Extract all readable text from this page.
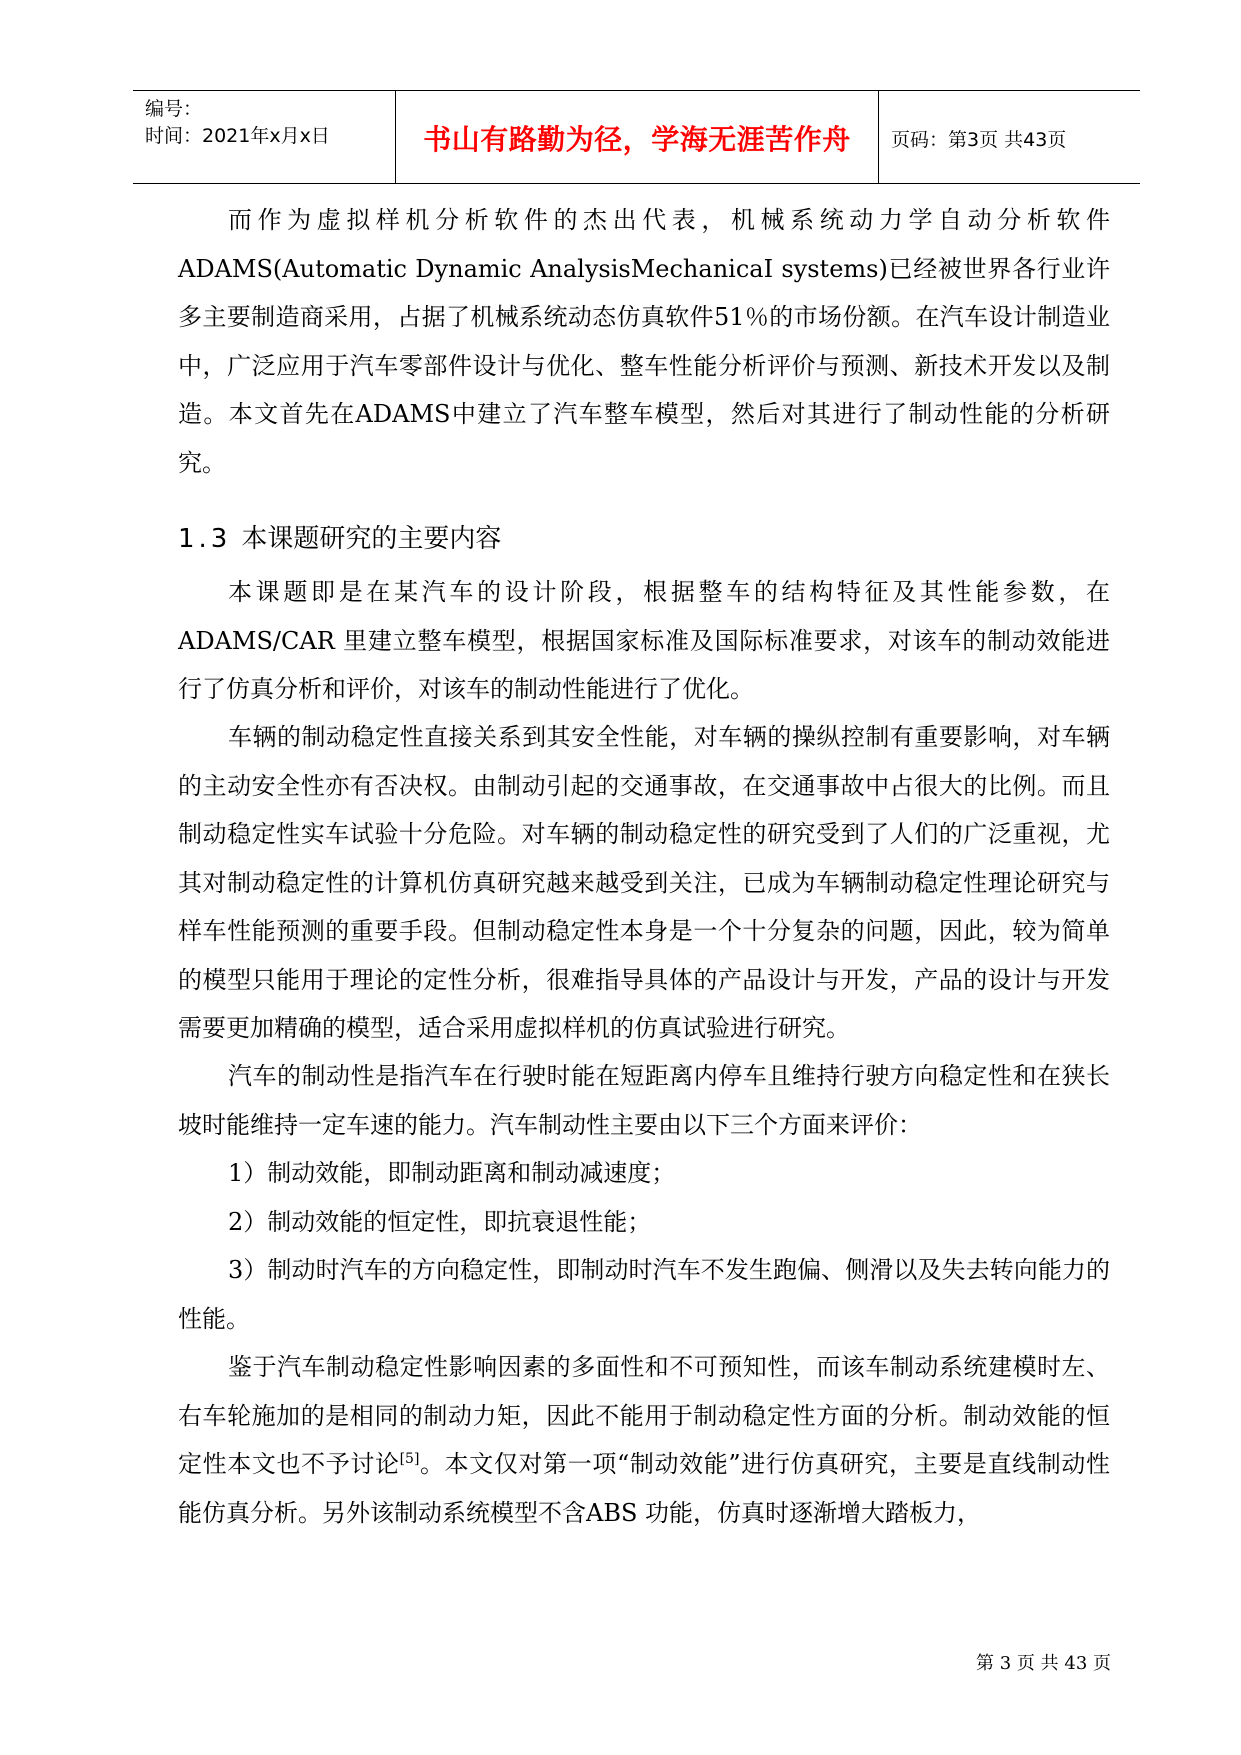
编号：
时间：2021年x月x日	书山有路勤为径，学海无涯苦作舟	页码：第3页 共43页

而作为虚拟样机分析软件的杰出代表，机械系统动力学自动分析软件ADAMS(Automatic Dynamic AnalysisMechanicaI systems)已经被世界各行业许多主要制造商采用，占据了机械系统动态仿真软件51％的市场份额。在汽车设计制造业中，广泛应用于汽车零部件设计与优化、整车性能分析评价与预测、新技术开发以及制造。本文首先在ADAMS中建立了汽车整车模型，然后对其进行了制动性能的分析研究。

1.3 本课题研究的主要内容

本课题即是在某汽车的设计阶段，根据整车的结构特征及其性能参数，在ADAMS/CAR 里建立整车模型，根据国家标准及国际标准要求，对该车的制动效能进行了仿真分析和评价，对该车的制动性能进行了优化。

车辆的制动稳定性直接关系到其安全性能，对车辆的操纵控制有重要影响，对车辆的主动安全性亦有否决权。由制动引起的交通事故，在交通事故中占很大的比例。而且制动稳定性实车试验十分危险。对车辆的制动稳定性的研究受到了人们的广泛重视，尤其对制动稳定性的计算机仿真研究越来越受到关注，已成为车辆制动稳定性理论研究与样车性能预测的重要手段。但制动稳定性本身是一个十分复杂的问题，因此，较为简单的模型只能用于理论的定性分析，很难指导具体的产品设计与开发，产品的设计与开发需要更加精确的模型，适合采用虚拟样机的仿真试验进行研究。

汽车的制动性是指汽车在行驶时能在短距离内停车且维持行驶方向稳定性和在狭长坡时能维持一定车速的能力。汽车制动性主要由以下三个方面来评价：

1）制动效能，即制动距离和制动减速度；

2）制动效能的恒定性，即抗衰退性能；

3）制动时汽车的方向稳定性，即制动时汽车不发生跑偏、侧滑以及失去转向能力的性能。

鉴于汽车制动稳定性影响因素的多面性和不可预知性，而该车制动系统建模时左、右车轮施加的是相同的制动力矩，因此不能用于制动稳定性方面的分析。制动效能的恒定性本文也不予讨论[5]。本文仅对第一项“制动效能”进行仿真研究，主要是直线制动性能仿真分析。另外该制动系统模型不含ABS 功能，仿真时逐渐增大踏板力，

第 3 页 共 43 页
